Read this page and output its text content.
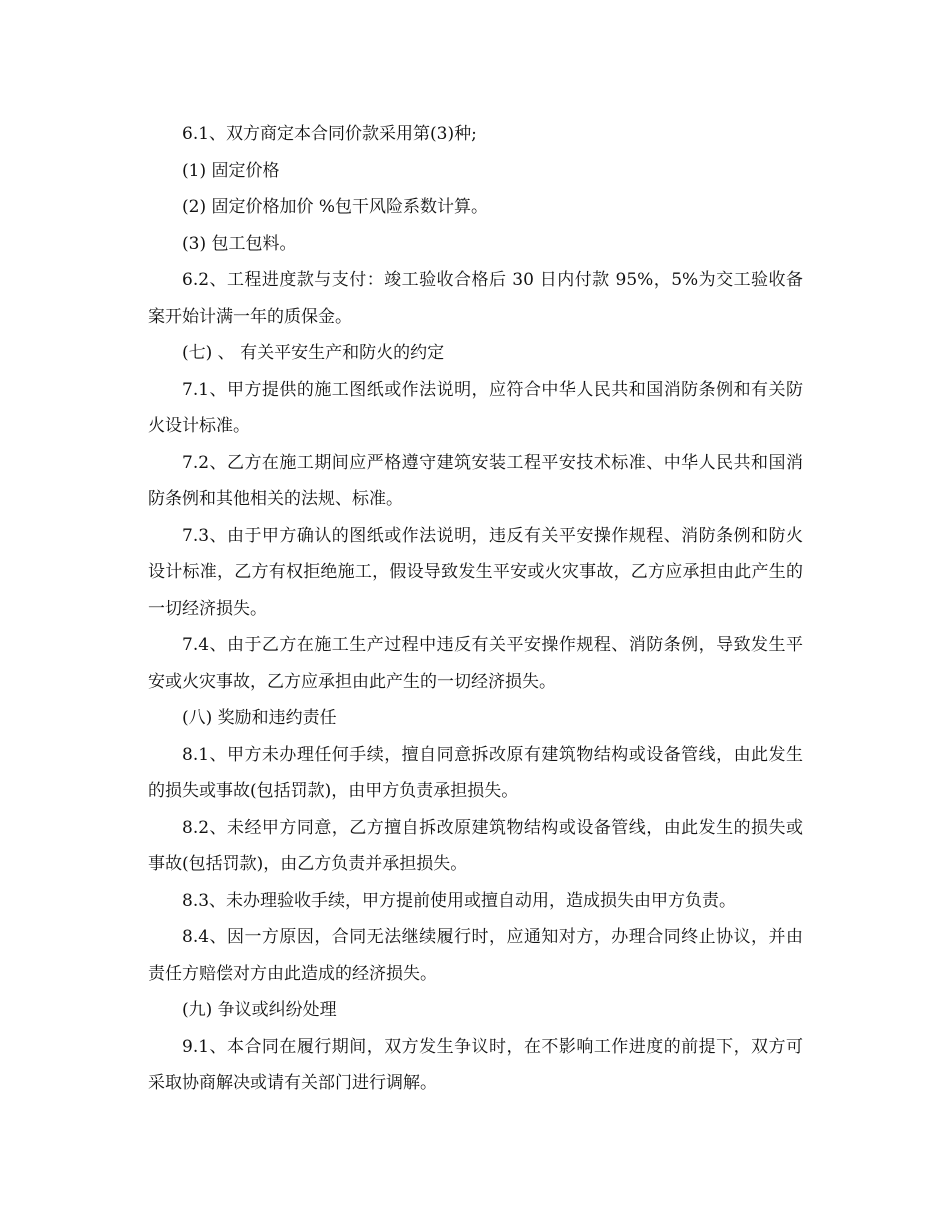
6.1、双方商定本合同价款采用第(3)种;

(1) 固定价格

(2) 固定价格加价 %包干风险系数计算。

(3) 包工包料。

6.2、工程进度款与支付：竣工验收合格后 30 日内付款 95%，5%为交工验收备案开始计满一年的质保金。

(七) 、 有关平安生产和防火的约定

7.1、甲方提供的施工图纸或作法说明，应符合中华人民共和国消防条例和有关防火设计标准。

7.2、乙方在施工期间应严格遵守建筑安装工程平安技术标准、中华人民共和国消防条例和其他相关的法规、标准。

7.3、由于甲方确认的图纸或作法说明，违反有关平安操作规程、消防条例和防火设计标准，乙方有权拒绝施工，假设导致发生平安或火灾事故，乙方应承担由此产生的一切经济损失。

7.4、由于乙方在施工生产过程中违反有关平安操作规程、消防条例，导致发生平安或火灾事故，乙方应承担由此产生的一切经济损失。

(八) 奖励和违约责任

8.1、甲方未办理任何手续，擅自同意拆改原有建筑物结构或设备管线，由此发生的损失或事故(包括罚款)，由甲方负责承担损失。

8.2、未经甲方同意，乙方擅自拆改原建筑物结构或设备管线，由此发生的损失或事故(包括罚款)，由乙方负责并承担损失。

8.3、未办理验收手续，甲方提前使用或擅自动用，造成损失由甲方负责。

8.4、因一方原因，合同无法继续履行时，应通知对方，办理合同终止协议，并由责任方赔偿对方由此造成的经济损失。

(九) 争议或纠纷处理

9.1、本合同在履行期间，双方发生争议时，在不影响工作进度的前提下，双方可采取协商解决或请有关部门进行调解。
